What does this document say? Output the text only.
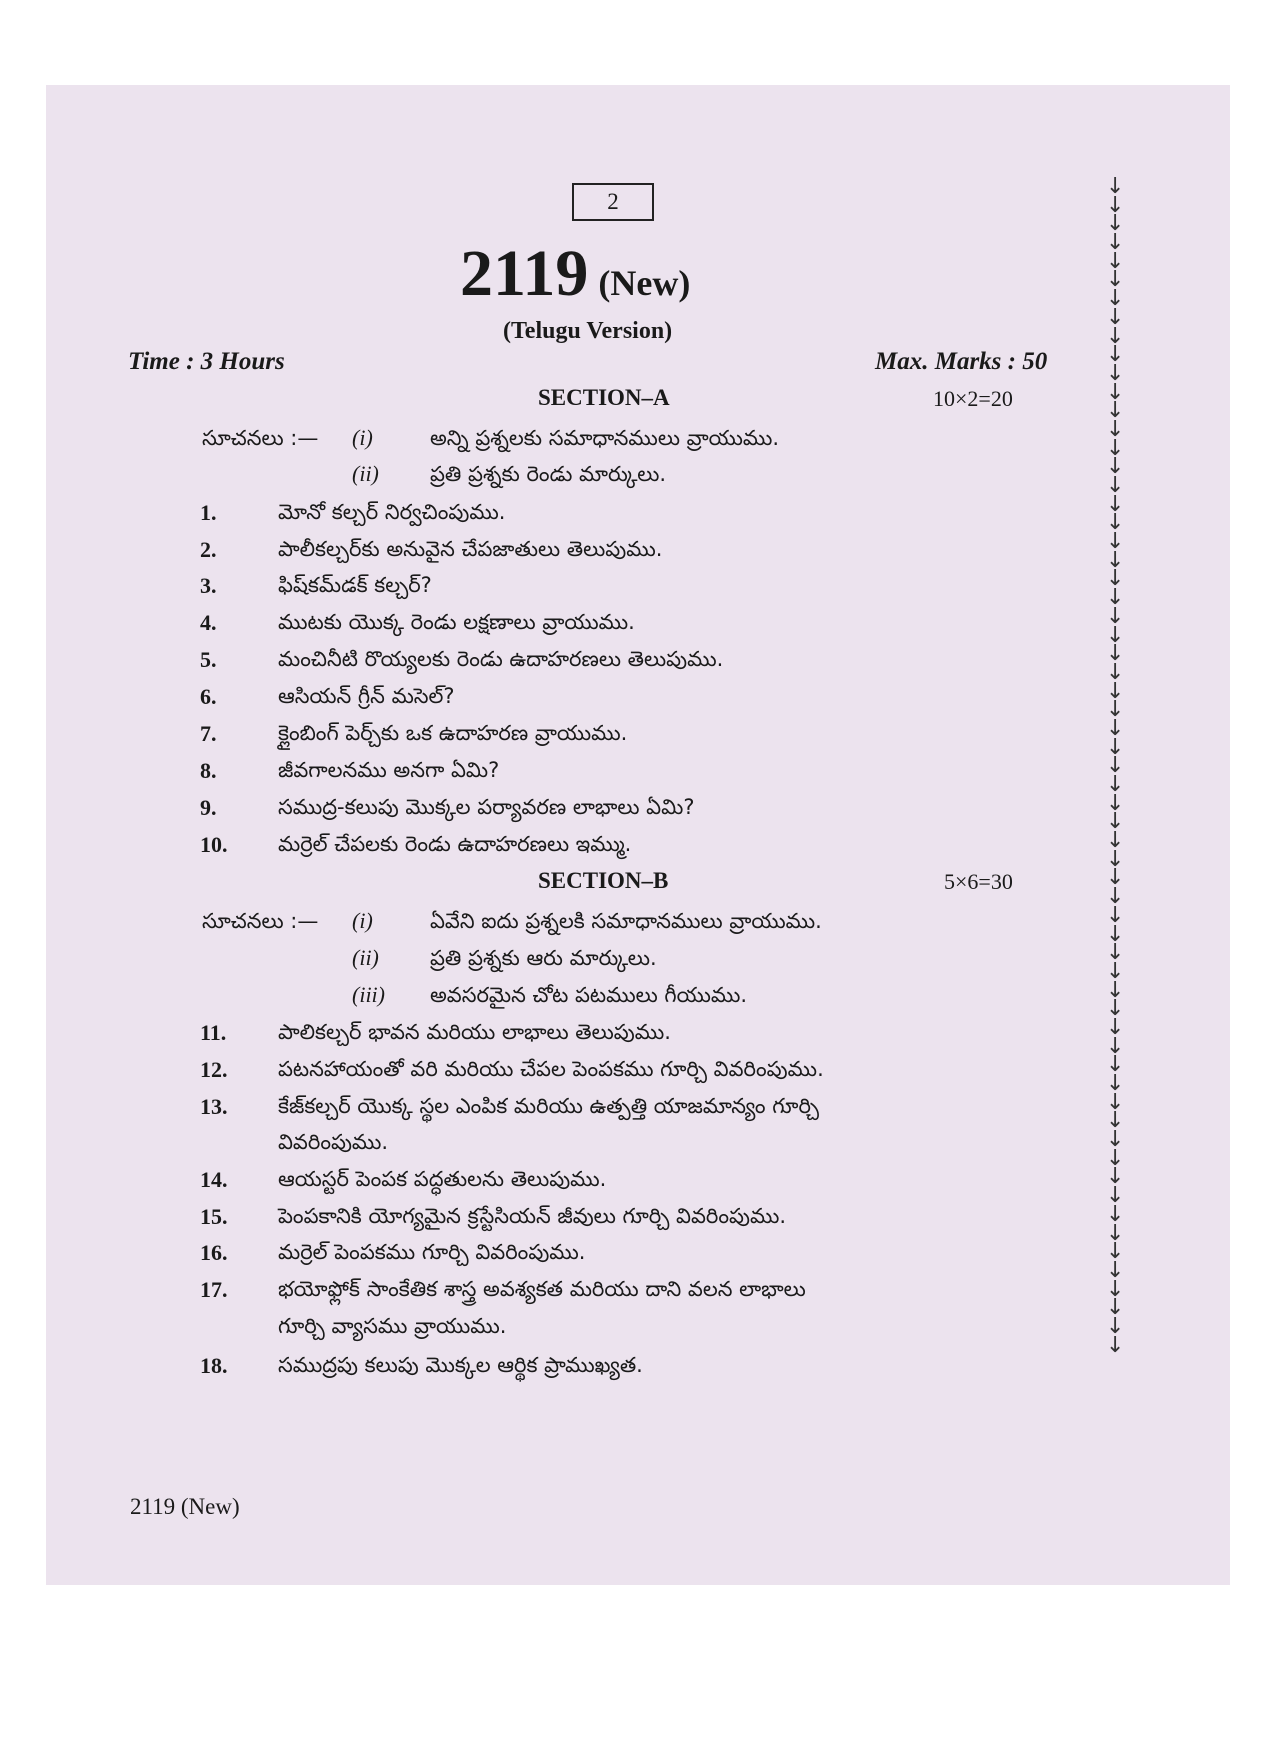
2
2119 (New)
(Telugu Version)
Time : 3 Hours	Max. Marks : 50
SECTION–A	10×2=20
సూచనలు :— (i)	అన్ని ప్రశ్నలకు సమాధానములు వ్రాయుము.
(ii) ప్రతి ప్రశ్నకు రెండు మార్కులు.
1.	మోనో కల్చర్ నిర్వచింపుము.
2.	పాలీకల్చర్‌కు అనువైన చేపజాతులు తెలుపుము.
3.	ఫిష్‌కమ్‌డక్ కల్చర్?
4.	ముటకు యొక్క రెండు లక్షణాలు వ్రాయుము.
5.	మంచినీటి రొయ్యలకు రెండు ఉదాహరణలు తెలుపుము.
6.	ఆసియన్ గ్రీన్ మసెల్?
7.	క్లైంబింగ్ పెర్చ్‌కు ఒక ఉదాహరణ వ్రాయుము.
8.	జీవగాలనము అనగా ఏమి?
9.	సముద్ర-కలుపు మొక్కల పర్యావరణ లాభాలు ఏమి?
10. మర్రెల్ చేపలకు రెండు ఉదాహరణలు ఇమ్ము.
SECTION–B	5×6=30
సూచనలు :— (i)	ఏవేని ఐదు ప్రశ్నలకి సమాధానములు వ్రాయుము.
(ii) ప్రతి ప్రశ్నకు ఆరు మార్కులు.
(iii) అవసరమైన చోట పటములు గీయుము.
11. పాలికల్చర్ భావన మరియు లాభాలు తెలుపుము.
12. పటనహాయంతో వరి మరియు చేపల పెంపకము గూర్చి వివరింపుము.
13. కేజ్‌కల్చర్ యొక్క స్థల ఎంపిక మరియు ఉత్పత్తి యాజమాన్యం గూర్చి
వివరింపుము.
14. ఆయస్టర్ పెంపక పద్ధతులను తెలుపుము.
15. పెంపకానికి యోగ్యమైన క్రస్టేసియన్ జీవులు గూర్చి వివరింపుము.
16. మర్రెల్ పెంపకము గూర్చి వివరింపుము.
17. భయోఫ్లోక్ సాంకేతిక శాస్త్ర అవశ్యకత మరియు దాని వలన లాభాలు
గూర్చి వ్యాసము వ్రాయుము.
18. సముద్రపు కలుపు మొక్కల ఆర్థిక ప్రాముఖ్యత.
2119 (New)
↓
↓
↓
↓
↓
↓
↓
↓
↓
↓
↓
↓
↓
↓
↓
↓
↓
↓
↓
↓
↓
↓
↓
↓
↓
↓
↓
↓
↓
↓
↓
↓
↓
↓
↓
↓
↓
↓
↓
↓
↓
↓
↓
↓
↓
↓
↓
↓
↓
↓
↓
↓
↓
↓
↓
↓
↓
↓
↓
↓
↓
↓
↓
